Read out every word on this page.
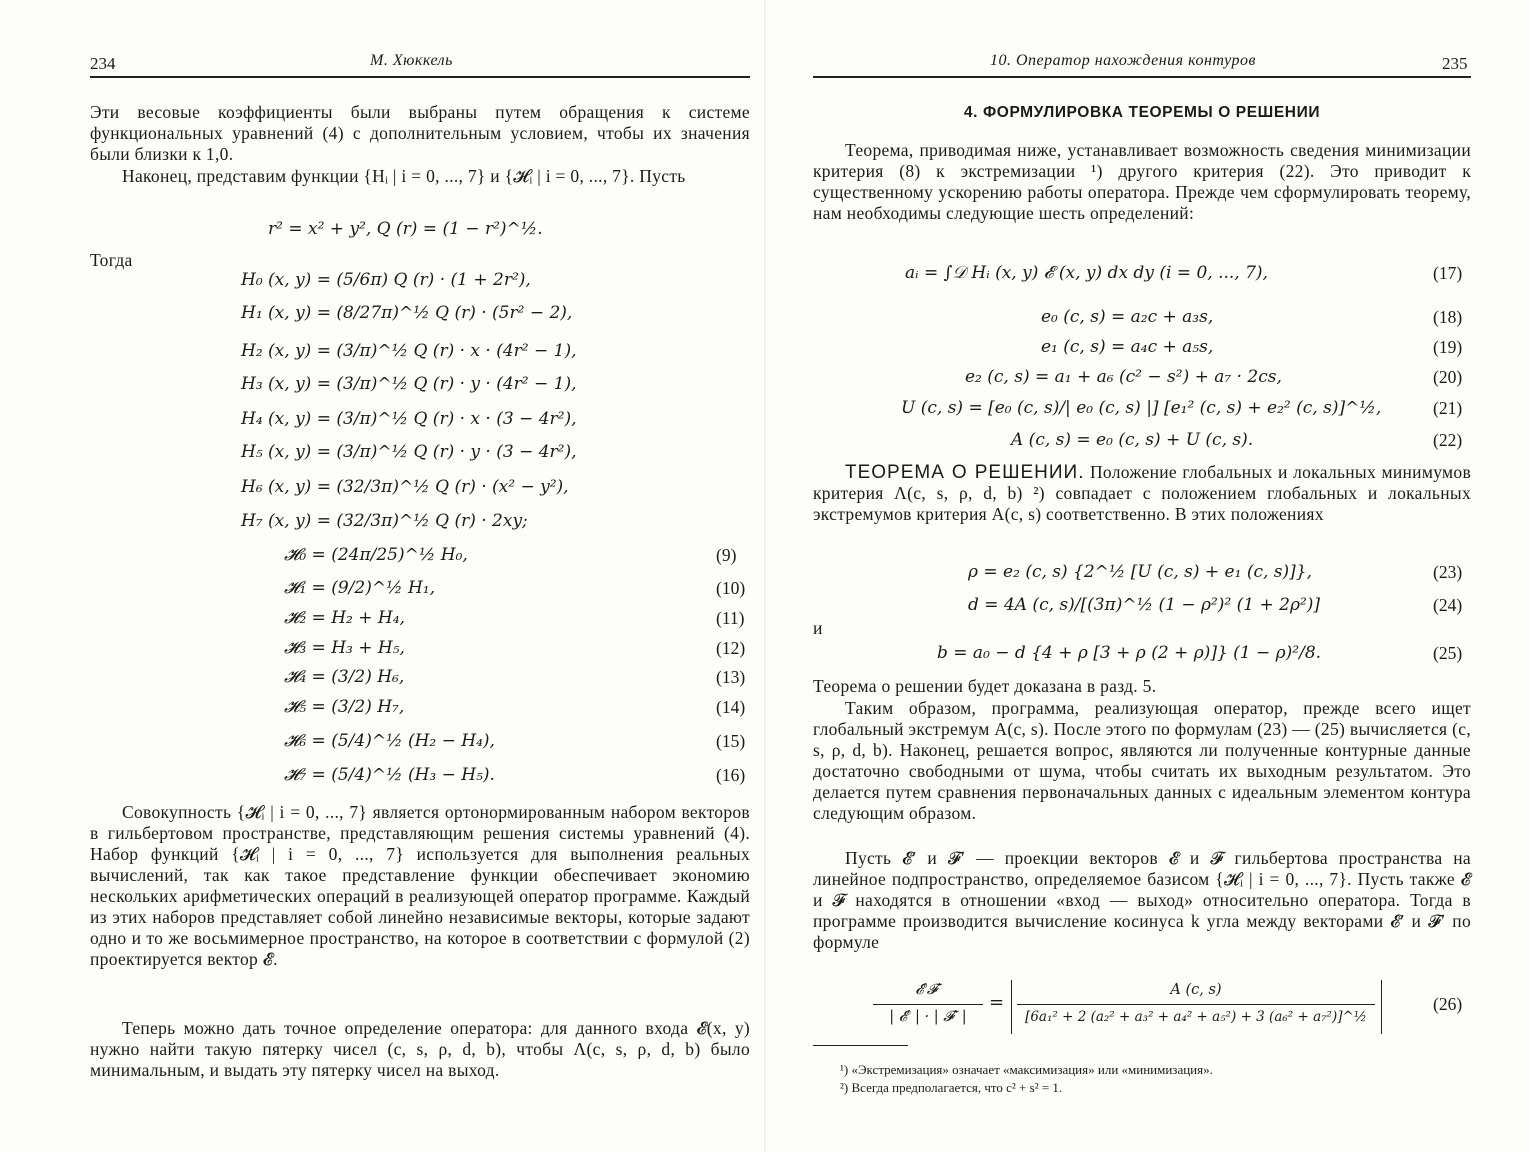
234	М. Хюккель
Эти весовые коэффициенты были выбраны путем обращения к системе функциональных уравнений (4) с дополнительным условием, чтобы их значения были близки к 1,0.
Наконец, представим функции {Hᵢ | i = 0, ..., 7} и {𝓗ᵢ | i = 0, ..., 7}. Пусть
r² = x² + y², Q (r) = (1 − r²)^½.
Тогда
H₀ (x, y) = (5/6π) Q (r) · (1 + 2r²),
H₁ (x, y) = (8/27π)^½ Q (r) · (5r² − 2),
H₂ (x, y) = (3/π)^½ Q (r) · x · (4r² − 1),
H₃ (x, y) = (3/π)^½ Q (r) · y · (4r² − 1),
H₄ (x, y) = (3/π)^½ Q (r) · x · (3 − 4r²),
H₅ (x, y) = (3/π)^½ Q (r) · y · (3 − 4r²),
H₆ (x, y) = (32/3π)^½ Q (r) · (x² − y²),
H₇ (x, y) = (32/3π)^½ Q (r) · 2xy;
𝓗₀ = (24π/25)^½ H₀,	(9)
𝓗₁ = (9/2)^½ H₁,	(10)
𝓗₂ = H₂ + H₄,	(11)
𝓗₃ = H₃ + H₅,	(12)
𝓗₄ = (3/2) H₆,	(13)
𝓗₅ = (3/2) H₇,	(14)
𝓗₆ = (5/4)^½ (H₂ − H₄),	(15)
𝓗₇ = (5/4)^½ (H₃ − H₅).	(16)
Совокупность {𝓗ᵢ | i = 0, ..., 7} является ортонормированным набором векторов в гильбертовом пространстве, представляющим решения системы уравнений (4). Набор функций {𝓗ᵢ | i = 0, ..., 7} используется для выполнения реальных вычислений, так как такое представление функции обеспечивает экономию нескольких арифметических операций в реализующей оператор программе. Каждый из этих наборов представляет собой линейно независимые векторы, которые задают одно и то же восьмимерное пространство, на которое в соответствии с формулой (2) проектируется вектор 𝓔.
Теперь можно дать точное определение оператора: для данного входа 𝓔(x, y) нужно найти такую пятерку чисел (c, s, ρ, d, b), чтобы Λ(c, s, ρ, d, b) было минимальным, и выдать эту пятерку чисел на выход.
10. Оператор нахождения контуров	235
4. ФОРМУЛИРОВКА ТЕОРЕМЫ О РЕШЕНИИ
Теорема, приводимая ниже, устанавливает возможность сведения минимизации критерия (8) к экстремизации ¹) другого критерия (22). Это приводит к существенному ускорению работы оператора. Прежде чем сформулировать теорему, нам необходимы следующие шесть определений:
aᵢ = ∫𝒟 Hᵢ (x, y) 𝓔 (x, y) dx dy (i = 0, ..., 7),	(17)
e₀ (c, s) = a₂c + a₃s,	(18)
e₁ (c, s) = a₄c + a₅s,	(19)
e₂ (c, s) = a₁ + a₆ (c² − s²) + a₇ · 2cs,	(20)
U (c, s) = [e₀ (c, s)/| e₀ (c, s) |] [e₁² (c, s) + e₂² (c, s)]^½,	(21)
A (c, s) = e₀ (c, s) + U (c, s).	(22)
ТЕОРЕМА О РЕШЕНИИ. Положение глобальных и локальных минимумов критерия Λ(c, s, ρ, d, b) ²) совпадает с положением глобальных и локальных экстремумов критерия A(c, s) соответственно. В этих положениях
ρ = e₂ (c, s) {2^½ [U (c, s) + e₁ (c, s)]},	(23)
d = 4A (c, s)/[(3π)^½ (1 − ρ²)² (1 + 2ρ²)]	(24)
и
b = a₀ − d {4 + ρ [3 + ρ (2 + ρ)]} (1 − ρ)²/8.	(25)
Теорема о решении будет доказана в разд. 5.
Таким образом, программа, реализующая оператор, прежде всего ищет глобальный экстремум A(c, s). После этого по формулам (23) — (25) вычисляется (c, s, ρ, d, b). Наконец, решается вопрос, являются ли полученные контурные данные достаточно свободными от шума, чтобы считать их выходным результатом. Это делается путем сравнения первоначальных данных с идеальным элементом контура следующим образом.
Пусть 𝓔′ и 𝓕′ — проекции векторов 𝓔 и 𝓕 гильбертова пространства на линейное подпространство, определяемое базисом {𝓗ᵢ | i = 0, ..., 7}. Пусть также 𝓔 и 𝓕 находятся в отношении «вход — выход» относительно оператора. Тогда в программе производится вычисление косинуса k угла между векторами 𝓔′ и 𝓕′ по формуле
𝓔′𝓕′
| 𝓔′ | · | 𝓕′ |
=
A (c, s)
[6a₁² + 2 (a₂² + a₃² + a₄² + a₅²) + 3 (a₆² + a₇²)]^½
(26)
¹) «Экстремизация» означает «максимизация» или «минимизация».
²) Всегда предполагается, что c² + s² = 1.
